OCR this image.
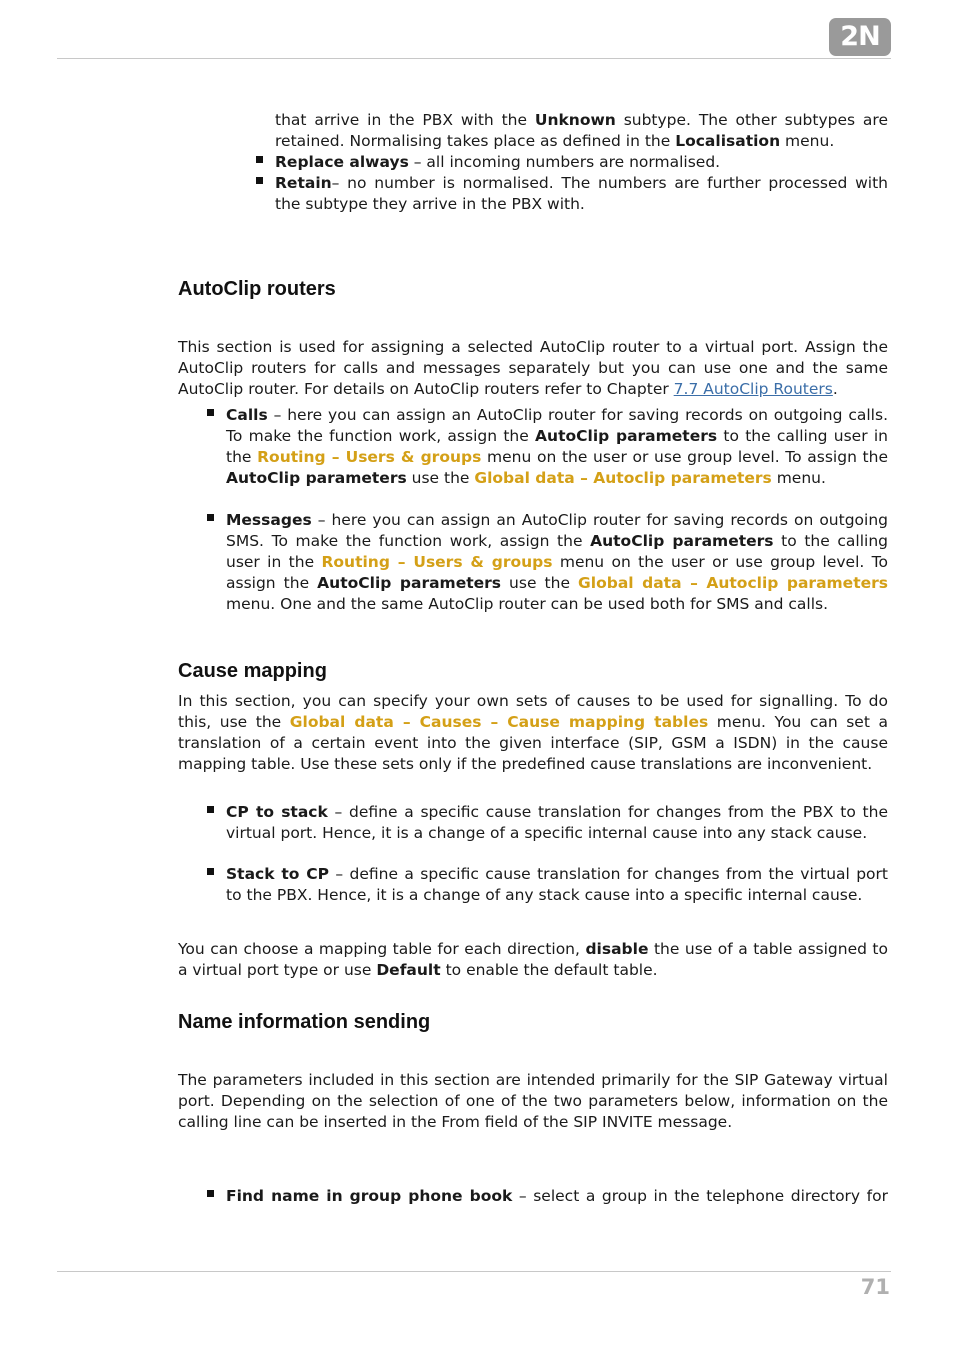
2N

that arrive in the PBX with the Unknown subtype. The other subtypes are retained. Normalising takes place as defined in the Localisation menu.

Replace always – all incoming numbers are normalised.

Retain– no number is normalised. The numbers are further processed with the subtype they arrive in the PBX with.

AutoClip routers

This section is used for assigning a selected AutoClip router to a virtual port. Assign the AutoClip routers for calls and messages separately but you can use one and the same AutoClip router. For details on AutoClip routers refer to Chapter 7.7 AutoClip Routers.

Calls – here you can assign an AutoClip router for saving records on outgoing calls. To make the function work, assign the AutoClip parameters to the calling user in the Routing – Users & groups menu on the user or use group level. To assign the AutoClip parameters use the Global data – Autoclip parameters menu.

Messages – here you can assign an AutoClip router for saving records on outgoing SMS. To make the function work, assign the AutoClip parameters to the calling user in the Routing – Users & groups menu on the user or use group level. To assign the AutoClip parameters use the Global data – Autoclip parameters menu. One and the same AutoClip router can be used both for SMS and calls.

Cause mapping

In this section, you can specify your own sets of causes to be used for signalling. To do this, use the Global data – Causes – Cause mapping tables menu. You can set a translation of a certain event into the given interface (SIP, GSM a ISDN) in the cause mapping table. Use these sets only if the predefined cause translations are inconvenient.

CP to stack – define a specific cause translation for changes from the PBX to the virtual port. Hence, it is a change of a specific internal cause into any stack cause.

Stack to CP – define a specific cause translation for changes from the virtual port to the PBX. Hence, it is a change of any stack cause into a specific internal cause.

You can choose a mapping table for each direction, disable the use of a table assigned to a virtual port type or use Default to enable the default table.

Name information sending

The parameters included in this section are intended primarily for the SIP Gateway virtual port. Depending on the selection of one of the two parameters below, information on the calling line can be inserted in the From field of the SIP INVITE message.

Find name in group phone book – select a group in the telephone directory for

71
